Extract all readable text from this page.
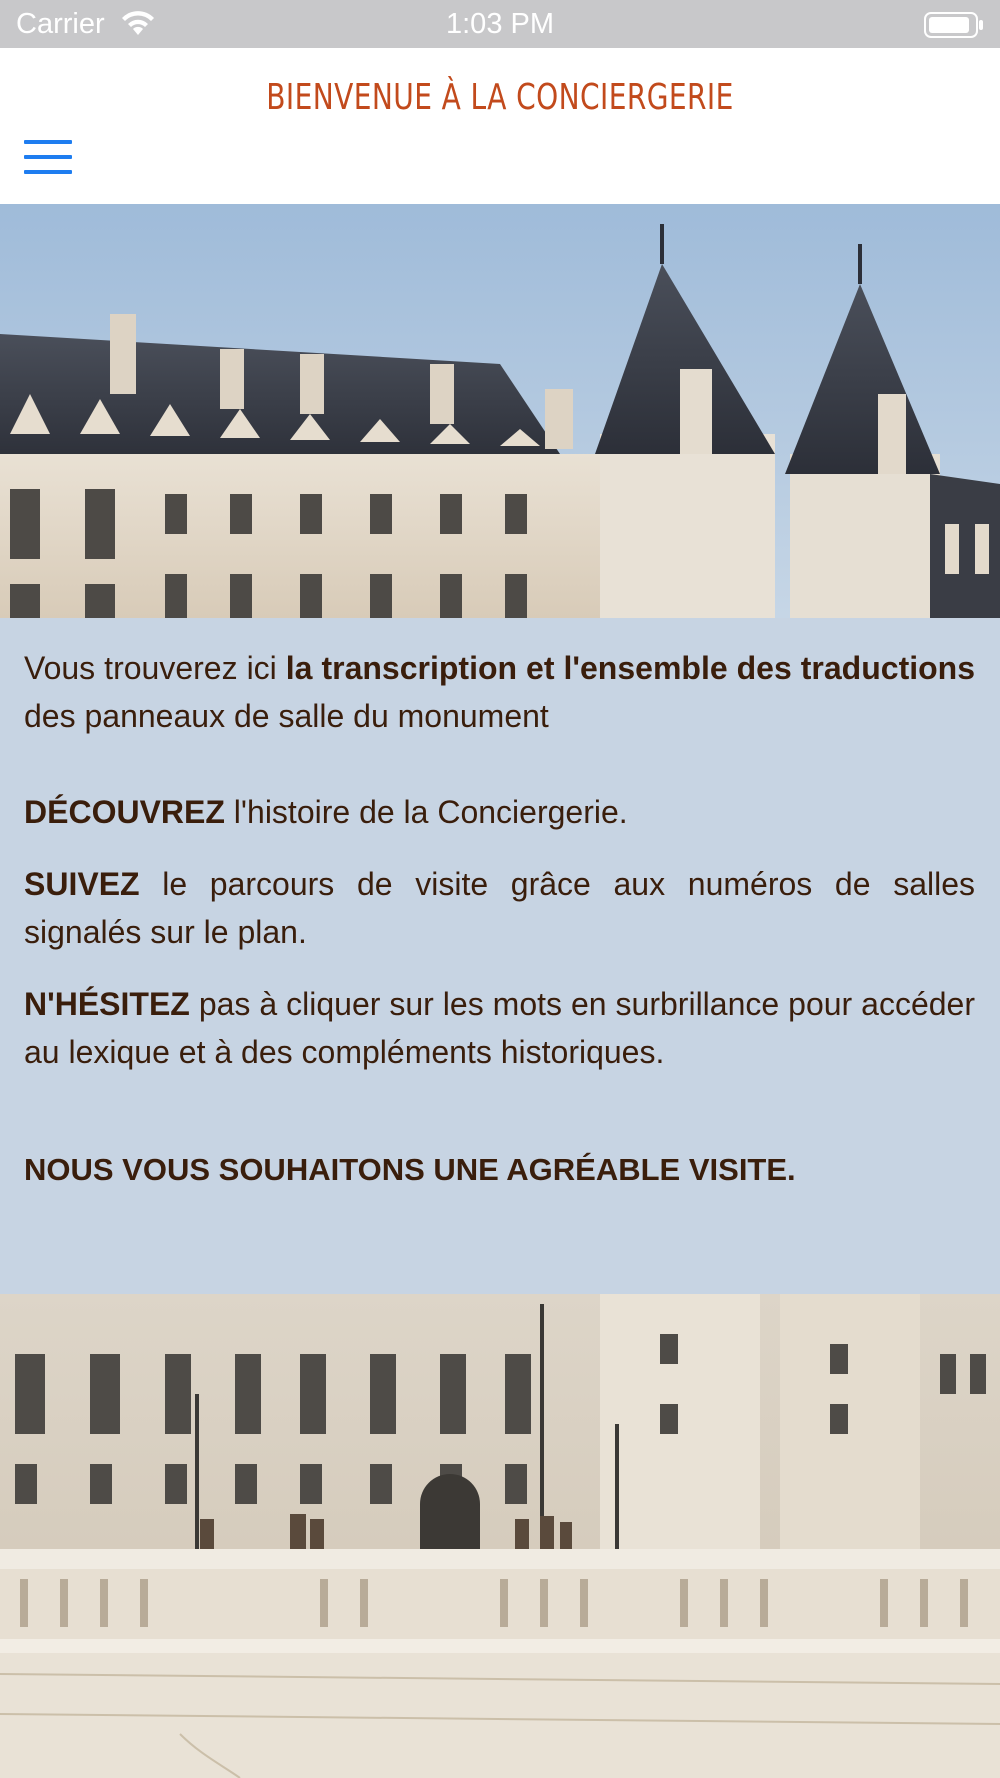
Carrier	1:03 PM
BIENVENUE À LA CONCIERGERIE

Vous trouverez ici la transcription et l'ensemble des traductions des panneaux de salle du monument

DÉCOUVREZ l'histoire de la Conciergerie.

SUIVEZ le parcours de visite grâce aux numéros de salles signalés sur le plan.

N'HÉSITEZ pas à cliquer sur les mots en surbrillance pour accéder au lexique et à des compléments historiques.

NOUS VOUS SOUHAITONS UNE AGRÉABLE VISITE.
